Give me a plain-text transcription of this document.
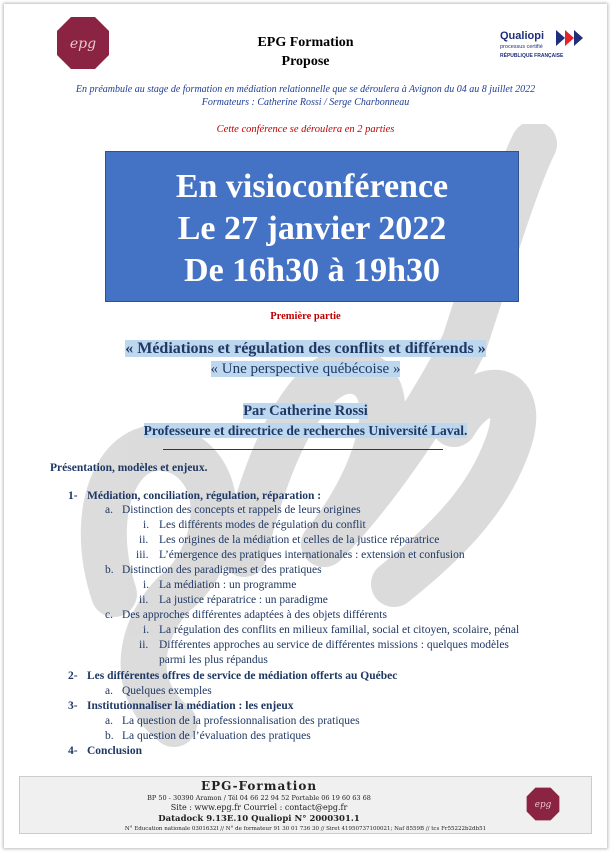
epg	EPG Formation
Propose
Qualiopi
processus certifié
RÉPUBLIQUE FRANÇAISE
En préambule au stage de formation en médiation relationnelle que se déroulera à Avignon du 04 au 8 juillet 2022
Formateurs : Catherine Rossi / Serge Charbonneau
Cette conférence se déroulera en 2 parties
En visioconférence
Le 27 janvier 2022
De 16h30 à 19h30
Première partie
« Médiations et régulation des conflits et différends »
« Une perspective québécoise »
Par Catherine Rossi
Professeure et directrice de recherches Université Laval.
Présentation, modèles et enjeux.
1- Médiation, conciliation, régulation, réparation :
a. Distinction des concepts et rappels de leurs origines
i. Les différents modes de régulation du conflit
ii. Les origines de la médiation et celles de la justice réparatrice
iii. L’émergence des pratiques internationales : extension et confusion
b. Distinction des paradigmes et des pratiques
i. La médiation : un programme
ii. La justice réparatrice : un paradigme
c. Des approches différentes adaptées à des objets différents
i. La régulation des conflits en milieux familial, social et citoyen, scolaire, pénal
ii. Différentes approches au service de différentes missions : quelques modèles
parmi les plus répandus
2- Les différentes offres de service de médiation offerts au Québec
a. Quelques exemples
3- Institutionnaliser la médiation : les enjeux
a. La question de la professionnalisation des pratiques
b. La question de l’évaluation des pratiques
4- Conclusion
EPG-Formation
BP 50 - 30390 Aramon / Tél 04 66 22 94 52 Portable 06 19 60 63 68
Site : www.epg.fr Courriel : contact@epg.fr
Datadock 9.13E.10 Qualiopi N° 2000301.1
N° Education nationale 0301632I // N° de formateur 91 30 01 736 30 // Siret 41950737100021; Naf 8559B // tcs Fr55222b2db51
epg
